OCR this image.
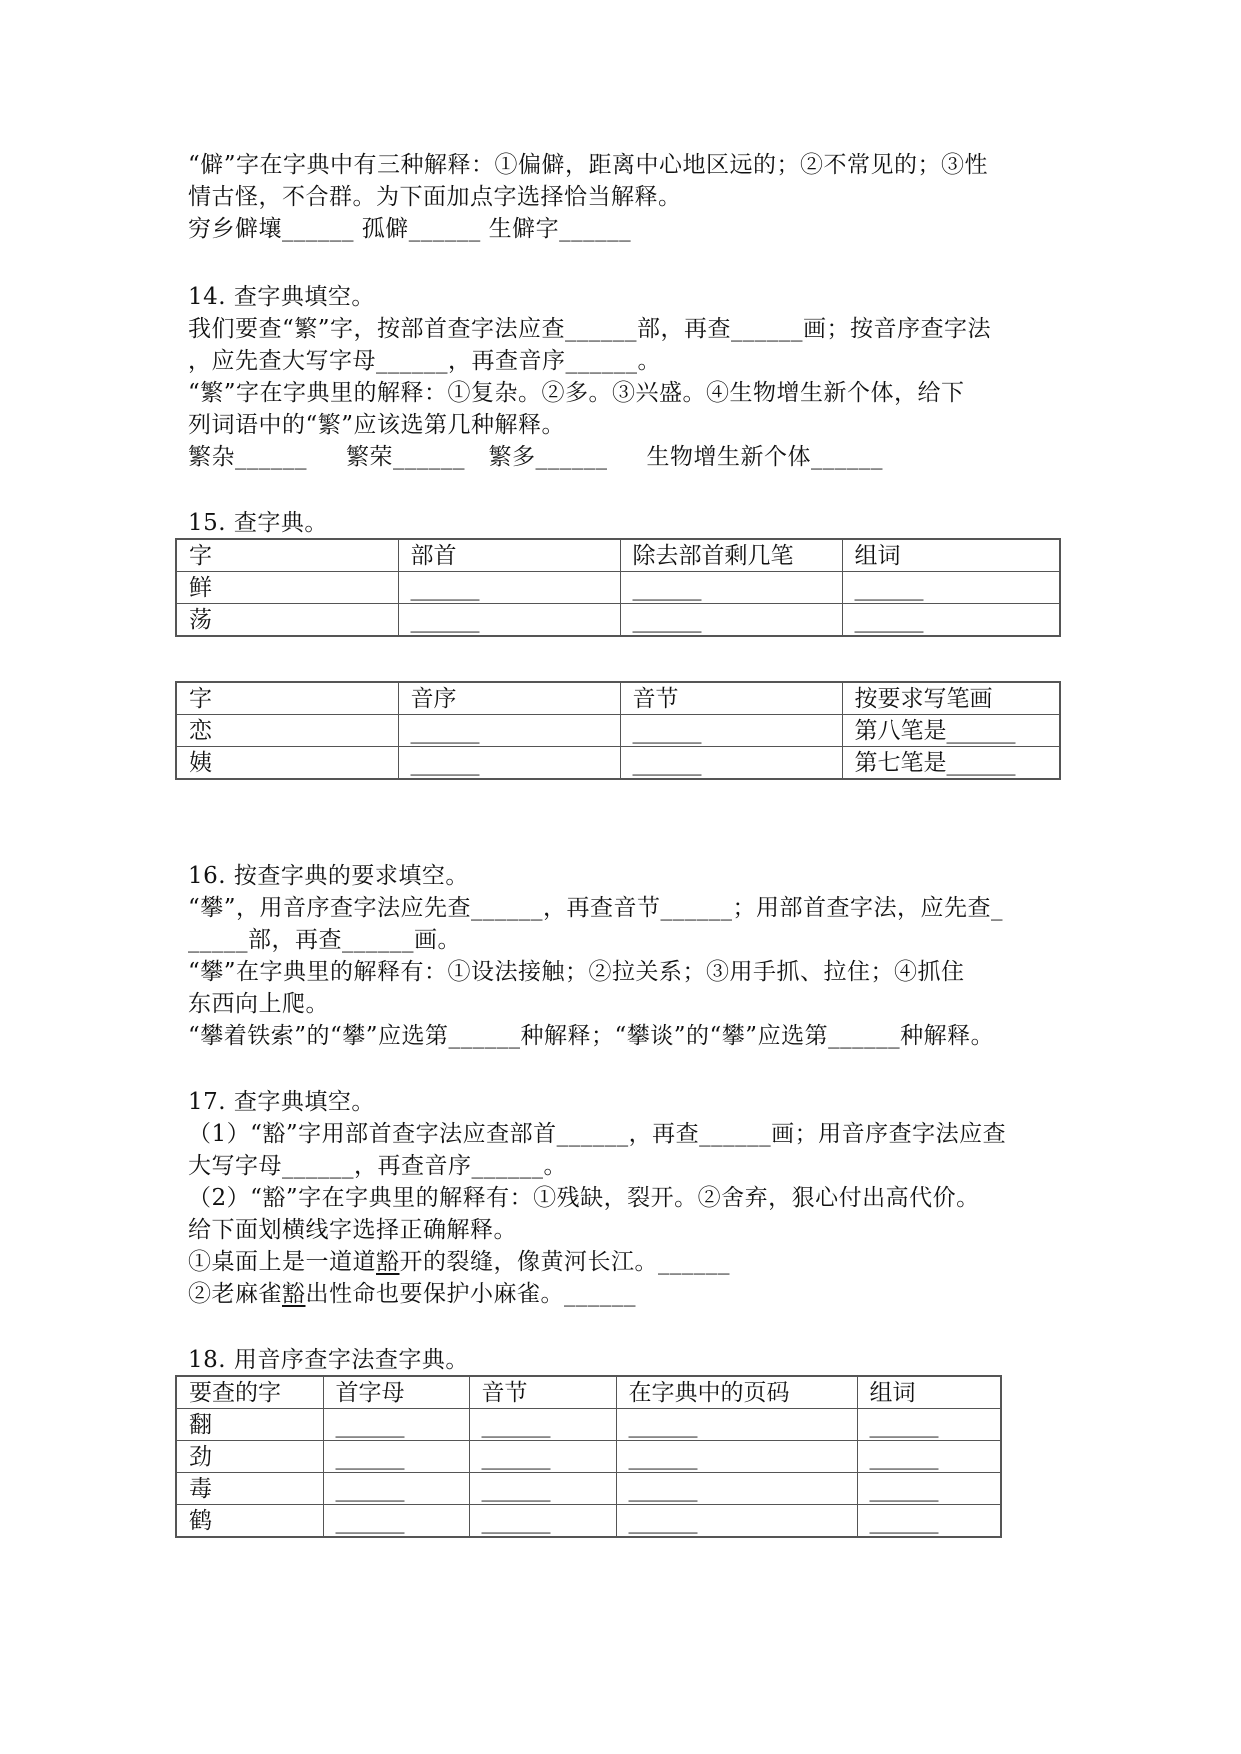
“僻”字在字典中有三种解释：①偏僻，距离中心地区远的；②不常见的；③性
情古怪，不合群。为下面加点字选择恰当解释。
穷乡僻壤______ 孤僻______ 生僻字______
14. 查字典填空。
我们要查“繁”字，按部首查字法应查______部，再查______画；按音序查字法
，应先查大写字母______，再查音序______。
“繁”字在字典里的解释：①复杂。②多。③兴盛。④生物增生新个体，给下
列词语中的“繁”应该选第几种解释。
繁杂______     繁荣______   繁多______     生物增生新个体______
15. 查字典。
字	部首	除去部首剩几笔	组词
鲜	______	______	______
荡	______	______	______
字	音序	音节	按要求写笔画
恋	______	______	第八笔是______
姨	______	______	第七笔是______
16. 按查字典的要求填空。
“攀”，用音序查字法应先查______，再查音节______；用部首查字法，应先查_
_____部，再查______画。
“攀”在字典里的解释有：①设法接触；②拉关系；③用手抓、拉住；④抓住
东西向上爬。
“攀着铁索”的“攀”应选第______种解释；“攀谈”的“攀”应选第______种解释。
17. 查字典填空。
（1）“豁”字用部首查字法应查部首______，再查______画；用音序查字法应查
大写字母______，再查音序______。
（2）“豁”字在字典里的解释有：①残缺，裂开。②舍弃，狠心付出高代价。
给下面划横线字选择正确解释。
①桌面上是一道道豁开的裂缝，像黄河长江。______
②老麻雀豁出性命也要保护小麻雀。______
18. 用音序查字法查字典。
要查的字	首字母	音节	在字典中的页码	组词
翻	______	______	______	______
劲	______	______	______	______
毒	______	______	______	______
鹤	______	______	______	______
